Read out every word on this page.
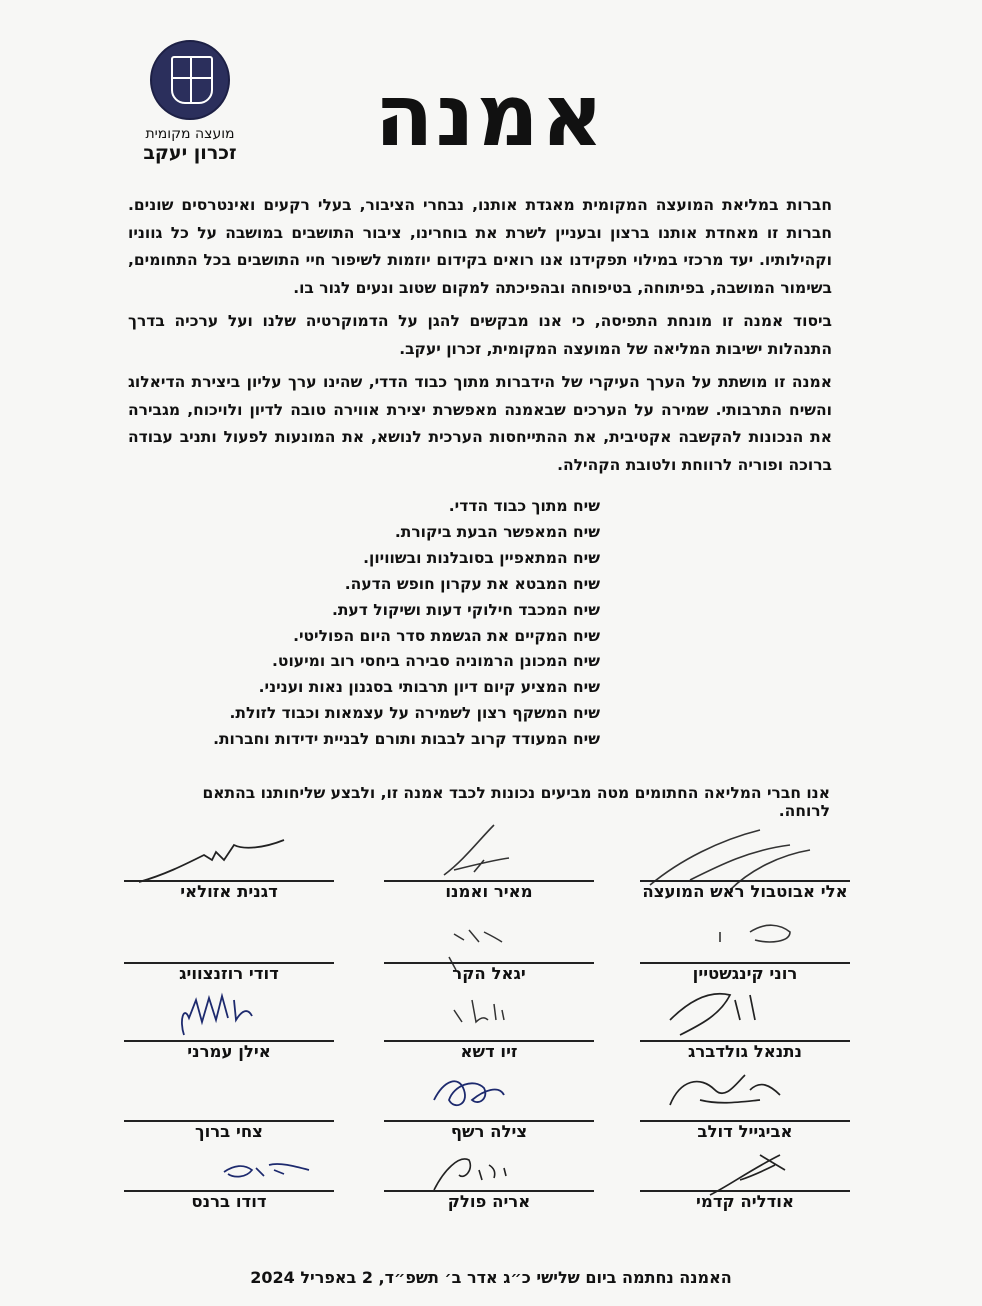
מועצה מקומית
זכרון יעקב	אמנה

חברות במליאת המועצה המקומית מאגדת אותנו, נבחרי הציבור, בעלי רקעים ואינטרסים שונים. חברות זו מאחדת אותנו ברצון ובעניין לשרת את בוחרינו, ציבור התושבים במושבה על כל גווניו וקהילותיו. יעד מרכזי במילוי תפקידנו אנו רואים בקידום יוזמות לשיפור חיי התושבים בכל התחומים, בשימור המושבה, בפיתוחה, בטיפוחה ובהפיכתה למקום שטוב ונעים לגור בו.

ביסוד אמנה זו מונחת התפיסה, כי אנו מבקשים להגן על הדמוקרטיה שלנו ועל ערכיה בדרך התנהלות ישיבות המליאה של המועצה המקומית, זכרון יעקב.

אמנה זו מושתת על הערך העיקרי של הידברות מתוך כבוד הדדי, שהינו ערך עליון ביצירת הדיאלוג והשיח התרבותי. שמירה על הערכים שבאמנה מאפשרת יצירת אווירה טובה לדיון ולויכוח, מגבירה את הנכונות להקשבה אקטיבית, את ההתייחסות הערכית לנושא, את המונעות לפעול ותניב עבודה ברוכה ופוריה לרווחת ולטובת הקהילה.

שיח מתוך כבוד הדדי.
שיח המאפשר הבעת ביקורת.
שיח המתאפיין בסובלנות ובשוויון.
שיח המבטא את עקרון חופש הדעה.
שיח המכבד חילוקי דעות ושיקול דעת.
שיח המקיים את הגשמת סדר היום הפוליטי.
שיח המכונן הרמוניה סבירה ביחסי רוב ומיעוט.
שיח המציע קיום דיון תרבותי בסגנון נאות ועניני.
שיח המשקף רצון לשמירה על עצמאות וכבוד לזולת.
שיח המעודד קרוב לבבות ותורם לבניית ידידות וחברות.
אנו חברי המליאה החתומים מטה מביעים נכונות לכבד אמנה זו, ולבצע שליחותנו בהתאם לרוחה.
אלי אבוטבול ראש המועצה
מאיר ואמנו
דגנית אזולאי
רוני קינגשטיין
יגאל הקר
דודי רוזנצוויג
נתנאל גולדברג
זיו דשא
אילן עמרני
אביגייל דולב
צילה רשף
צחי ברוך
אודליה קדמי
אריה פולק
דודו ברנס
האמנה נחתמה ביום שלישי כ״ג אדר ב׳ תשפ״ד, 2 באפריל 2024
